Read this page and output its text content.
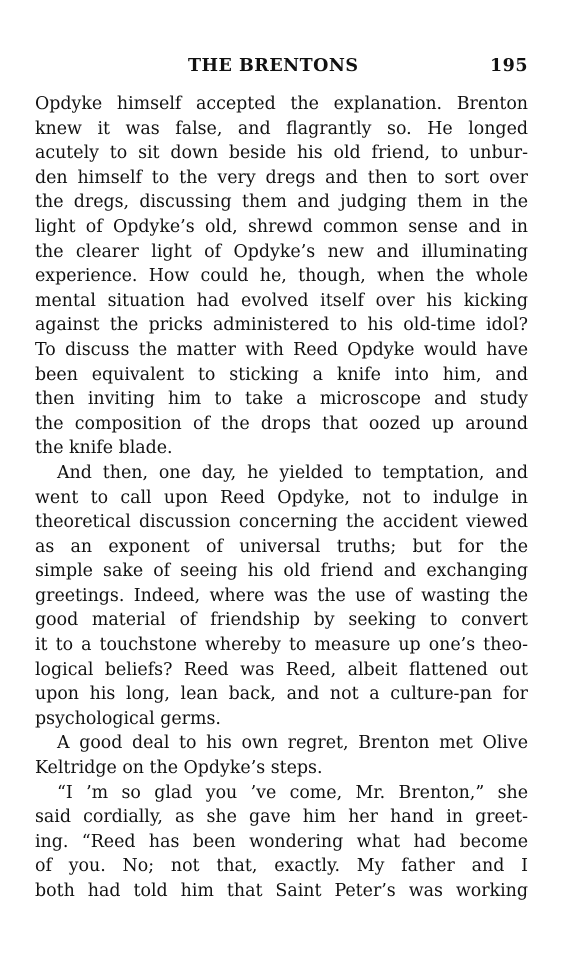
THE BRENTONS	195
Opdyke himself accepted the explanation. Brenton
knew it was false, and flagrantly so. He longed
acutely to sit down beside his old friend, to unbur-
den himself to the very dregs and then to sort over
the dregs, discussing them and judging them in the
light of Opdyke’s old, shrewd common sense and in
the clearer light of Opdyke’s new and illuminating
experience. How could he, though, when the whole
mental situation had evolved itself over his kicking
against the pricks administered to his old-time idol?
To discuss the matter with Reed Opdyke would have
been equivalent to sticking a knife into him, and
then inviting him to take a microscope and study
the composition of the drops that oozed up around
the knife blade.
And then, one day, he yielded to temptation, and
went to call upon Reed Opdyke, not to indulge in
theoretical discussion concerning the accident viewed
as an exponent of universal truths; but for the
simple sake of seeing his old friend and exchanging
greetings. Indeed, where was the use of wasting the
good material of friendship by seeking to convert
it to a touchstone whereby to measure up one’s theo-
logical beliefs? Reed was Reed, albeit flattened out
upon his long, lean back, and not a culture-pan for
psychological germs.
A good deal to his own regret, Brenton met Olive
Keltridge on the Opdyke’s steps.
“I ’m so glad you ’ve come, Mr. Brenton,” she
said cordially, as she gave him her hand in greet-
ing. “Reed has been wondering what had become
of you. No; not that, exactly. My father and I
both had told him that Saint Peter’s was working
